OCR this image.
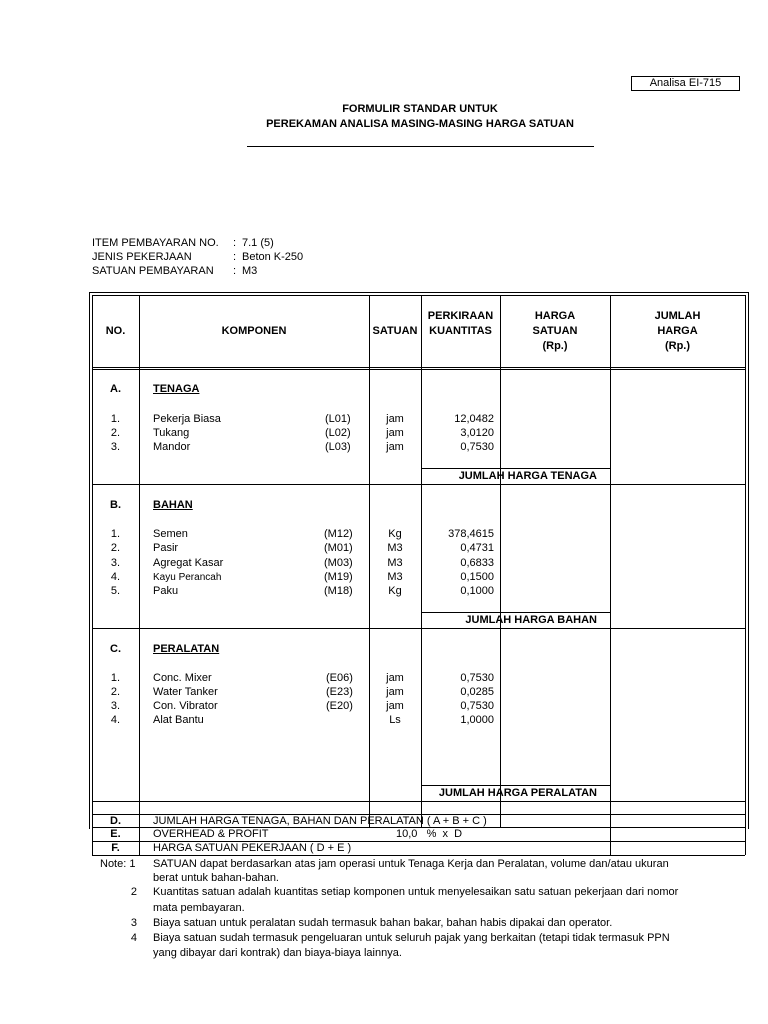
Analisa EI-715
FORMULIR STANDAR UNTUK
PEREKAMAN ANALISA MASING-MASING HARGA SATUAN
ITEM PEMBAYARAN NO. : 7.1 (5)
JENIS PEKERJAAN	: Beton K-250
SATUAN PEMBAYARAN : M3
NO.	KOMPONEN	SATUAN
PERKIRAAN
KUANTITAS
HARGA
SATUAN
(Rp.)
JUMLAH
HARGA
(Rp.)
A.	TENAGA
1.	Pekerja Biasa	(L01)	jam	12,0482
2.	Tukang	(L02)	jam	3,0120
3.	Mandor	(L03)	jam	0,7530
JUMLAH HARGA TENAGA
B.	BAHAN
1.	Semen	(M12)	Kg	378,4615
2.	Pasir	(M01)	M3	0,4731
3.	Agregat Kasar	(M03)	M3	0,6833
4.	Kayu Perancah	(M19)	M3	0,1500
5.	Paku	(M18)	Kg	0,1000
JUMLAH HARGA BAHAN
C.	PERALATAN
1.	Conc. Mixer	(E06)	jam	0,7530
2.	Water Tanker	(E23)	jam	0,0285
3.	Con. Vibrator	(E20)	jam	0,7530
4.	Alat Bantu	Ls	1,0000
JUMLAH HARGA PERALATAN
D.	JUMLAH HARGA TENAGA, BAHAN DAN PERALATAN ( A + B + C )
E.	OVERHEAD & PROFIT	10,0   %  x  D
F.	HARGA SATUAN PEKERJAAN ( D + E )
Note: 1 SATUAN dapat berdasarkan atas jam operasi untuk Tenaga Kerja dan Peralatan, volume dan/atau ukuran
berat untuk bahan-bahan.
2 Kuantitas satuan adalah kuantitas setiap komponen untuk menyelesaikan satu satuan pekerjaan dari nomor
mata pembayaran.
3 Biaya satuan untuk peralatan sudah termasuk bahan bakar, bahan habis dipakai dan operator.
4 Biaya satuan sudah termasuk pengeluaran untuk seluruh pajak yang berkaitan (tetapi tidak termasuk PPN
yang dibayar dari kontrak) dan biaya-biaya lainnya.
